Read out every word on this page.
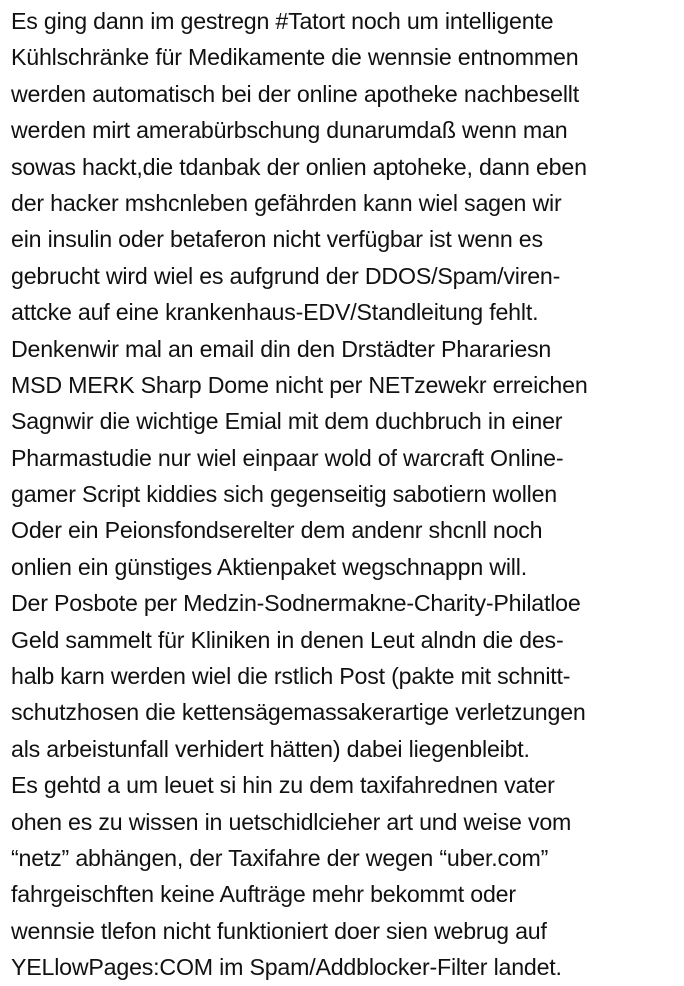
Es ging dann im gestregn #Tatort noch um intelligente
Kühlschränke für Medikamente die wennsie entnommen
werden automatisch bei der online apotheke nachbesellt
werden mirt amerabürbschung dunarumdaß wenn man
sowas hackt,die tdanbak der onlien aptoheke, dann eben
der hacker mshcnleben gefährden kann wiel sagen wir
ein insulin oder betaferon nicht verfügbar ist wenn es
gebrucht wird wiel es aufgrund der DDOS/Spam/viren-
attcke auf eine krankenhaus-EDV/Standleitung fehlt.
Denkenwir mal an email din den Drstädter Pharariesn
MSD MERK Sharp Dome nicht per NETzewekr erreichen
Sagnwir die wichtige Emial mit dem duchbruch in einer
Pharmastudie nur wiel einpaar wold of warcraft Online-
gamer Script kiddies sich gegenseitig sabotiern wollen
Oder ein Peionsfondserelter dem andenr shcnll noch
onlien ein günstiges Aktienpaket wegschnappn will.
Der Posbote per Medzin-Sodnermakne-Charity-Philatloe
Geld sammelt für Kliniken in denen Leut alndn die des-
halb karn werden wiel die rstlich Post (pakte mit schnitt-
schutzhosen die kettensägemassakerartige verletzungen
als arbeistunfall verhidert hätten) dabei liegenbleibt.
Es gehtd a um leuet si hin zu dem taxifahrednen vater
ohen es zu wissen in uetschidlcieher art und weise vom
“netz” abhängen, der Taxifahre der wegen “uber.com”
fahrgeischften keine Aufträge mehr bekommt oder
wennsie tlefon nicht funktioniert doer sien webrug auf
YELlowPages:COM im Spam/Addblocker-Filter landet.
